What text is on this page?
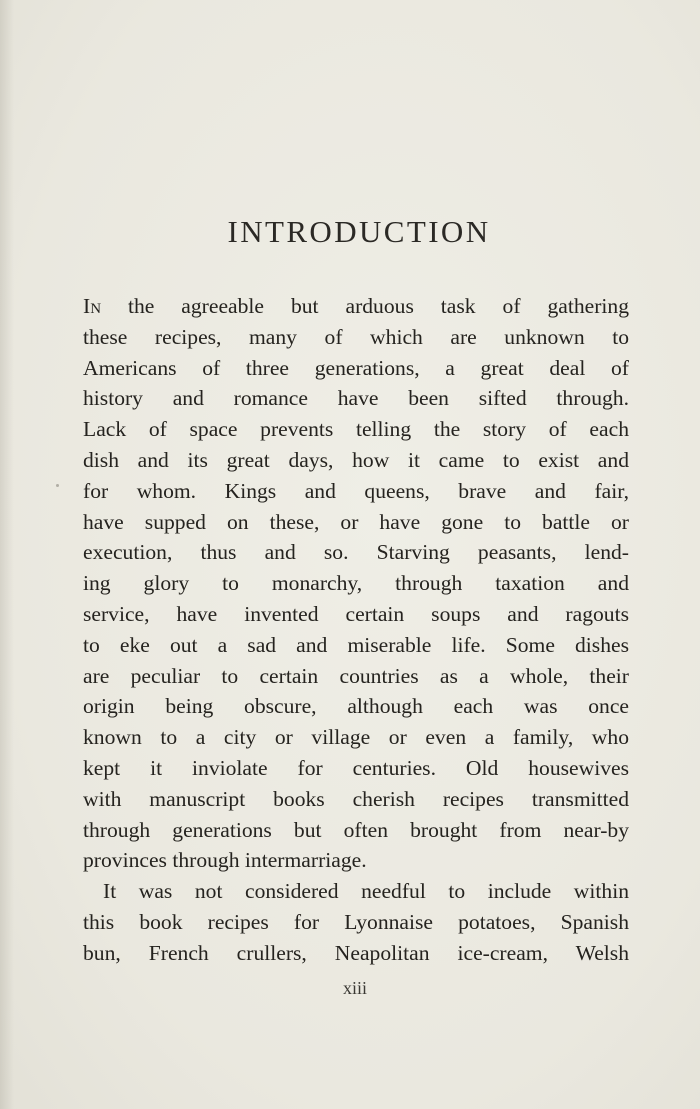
INTRODUCTION
In the agreeable but arduous task of gathering
these recipes, many of which are unknown to
Americans of three generations, a great deal of
history and romance have been sifted through.
Lack of space prevents telling the story of each
dish and its great days, how it came to exist and
for whom. Kings and queens, brave and fair,
have supped on these, or have gone to battle or
execution, thus and so. Starving peasants, lend-
ing glory to monarchy, through taxation and
service, have invented certain soups and ragouts
to eke out a sad and miserable life. Some dishes
are peculiar to certain countries as a whole, their
origin being obscure, although each was once
known to a city or village or even a family, who
kept it inviolate for centuries. Old housewives
with manuscript books cherish recipes transmitted
through generations but often brought from near-by
provinces through intermarriage.
It was not considered needful to include within
this book recipes for Lyonnaise potatoes, Spanish
bun, French crullers, Neapolitan ice-cream, Welsh
xiii
